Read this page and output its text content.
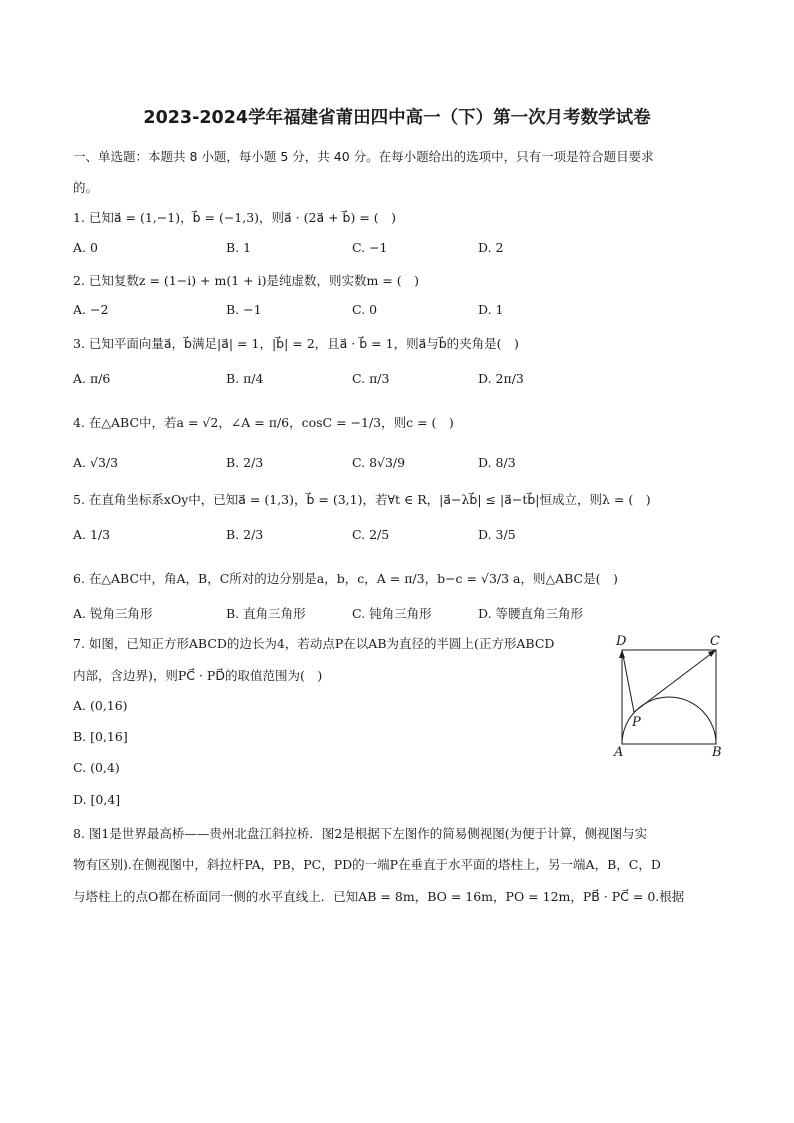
2023-2024学年福建省莆田四中高一（下）第一次月考数学试卷
一、单选题：本题共 8 小题，每小题 5 分，共 40 分。在每小题给出的选项中，只有一项是符合题目要求
的。
1. 已知a⃗ = (1,−1)，b⃗ = (−1,3)，则a⃗ · (2a⃗ + b⃗) = (　)
A. 0	B. 1	C. −1	D. 2
2. 已知复数z = (1−i) + m(1 + i)是纯虚数，则实数m = (　)
A. −2	B. −1	C. 0	D. 1
3. 已知平面向量a⃗，b⃗满足|a⃗| = 1，|b⃗| = 2，且a⃗ · b⃗ = 1，则a⃗与b⃗的夹角是(　)
A. π/6	B. π/4	C. π/3	D. 2π/3
4. 在△ABC中，若a = √2，∠A = π/6，cosC = −1/3，则c = (　)
A. √3/3	B. 2/3	C. 8√3/9	D. 8/3
5. 在直角坐标系xOy中，已知a⃗ = (1,3)，b⃗ = (3,1)，若∀t ∈ R，|a⃗−λb⃗| ≤ |a⃗−tb⃗|恒成立，则λ = (　)
A. 1/3	B. 2/3	C. 2/5	D. 3/5
6. 在△ABC中，角A，B，C所对的边分别是a，b，c，A = π/3，b−c = √3/3 a，则△ABC是(　)
A. 锐角三角形	B. 直角三角形	C. 钝角三角形	D. 等腰直角三角形
7. 如图，已知正方形ABCD的边长为4，若动点P在以AB为直径的半圆上(正方形ABCD
内部，含边界)，则PC⃗ · PD⃗的取值范围为(　)
A. (0,16)
B. [0,16]
C. (0,4)
D. [0,4]
D	C
A	B
P
8. 图1是世界最高桥——贵州北盘江斜拉桥．图2是根据下左图作的简易侧视图(为便于计算，侧视图与实
物有区别).在侧视图中，斜拉杆PA，PB，PC，PD的一端P在垂直于水平面的塔柱上，另一端A，B，C，D
与塔柱上的点O都在桥面同一侧的水平直线上．已知AB = 8m，BO = 16m，PO = 12m，PB⃗ · PC⃗ = 0.根据
